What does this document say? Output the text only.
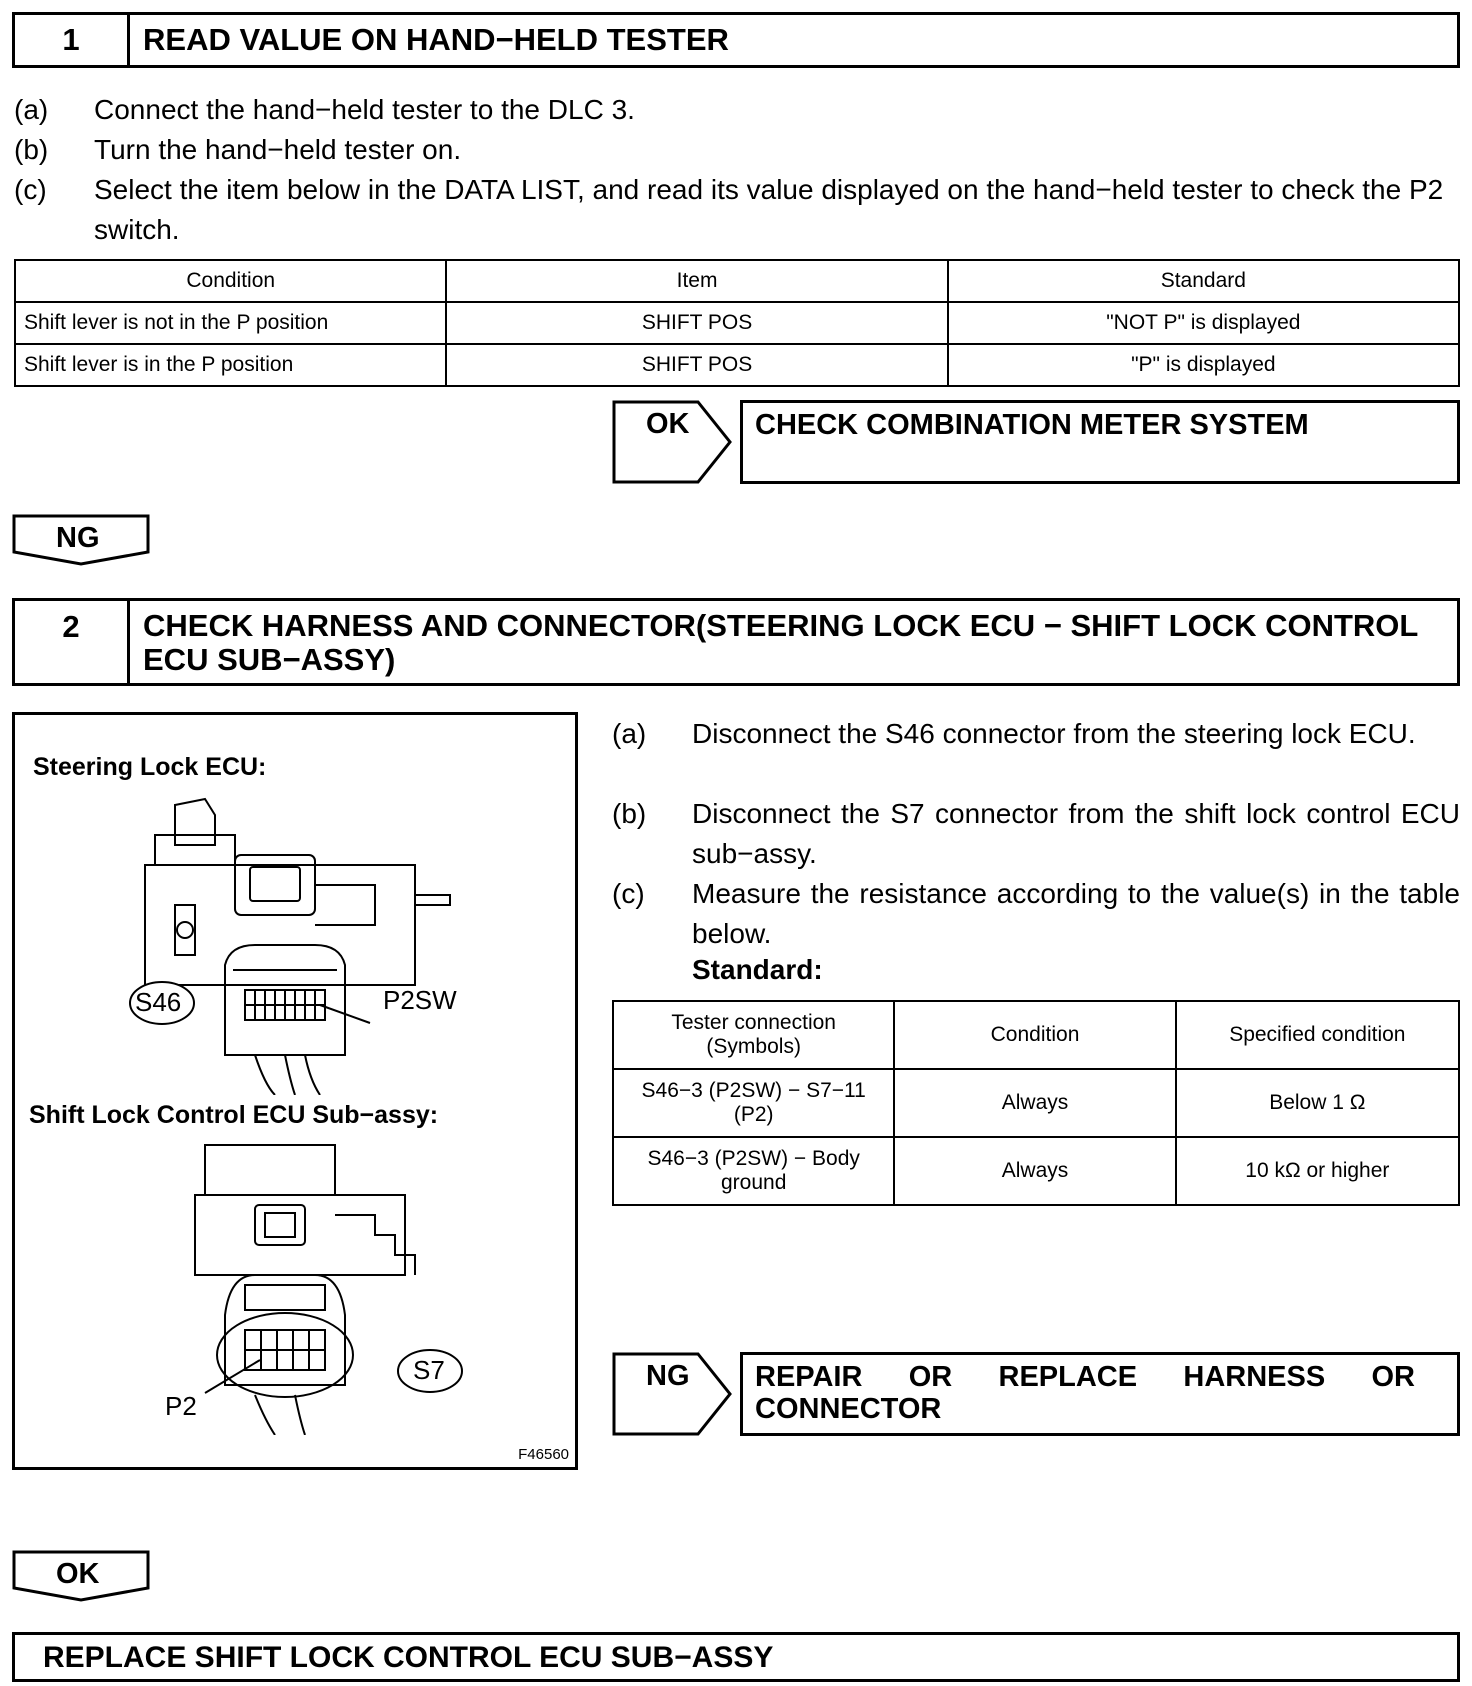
1	READ VALUE ON HAND−HELD TESTER
(a) Connect the hand−held tester to the DLC 3.
(b) Turn the hand−held tester on.
(c) Select the item below in the DATA LIST, and read its value displayed on the hand−held tester to check the P2 switch.
Condition	Item	Standard
Shift lever is not in the P position	SHIFT POS	"NOT P" is displayed
Shift lever is in the P position	SHIFT POS	"P" is displayed
OK	CHECK COMBINATION METER SYSTEM
NG
2	CHECK HARNESS AND CONNECTOR(STEERING LOCK ECU − SHIFT LOCK CONTROL ECU SUB−ASSY)
Steering Lock ECU:
S46	P2SW
Shift Lock Control ECU Sub−assy:
S7
P2
F46560
(a) Disconnect the S46 connector from the steering lock ECU.
(b) Disconnect the S7 connector from the shift lock control ECU sub−assy.
(c) Measure the resistance according to the value(s) in the table below.
Standard:
Tester connection (Symbols)	Condition	Specified condition
S46−3 (P2SW) − S7−11 (P2)	Always	Below 1 Ω
S46−3 (P2SW) − Body ground	Always	10 kΩ or higher
NG REPAIR OR REPLACE HARNESS OR CONNECTOR
OK
REPLACE SHIFT LOCK CONTROL ECU SUB−ASSY
